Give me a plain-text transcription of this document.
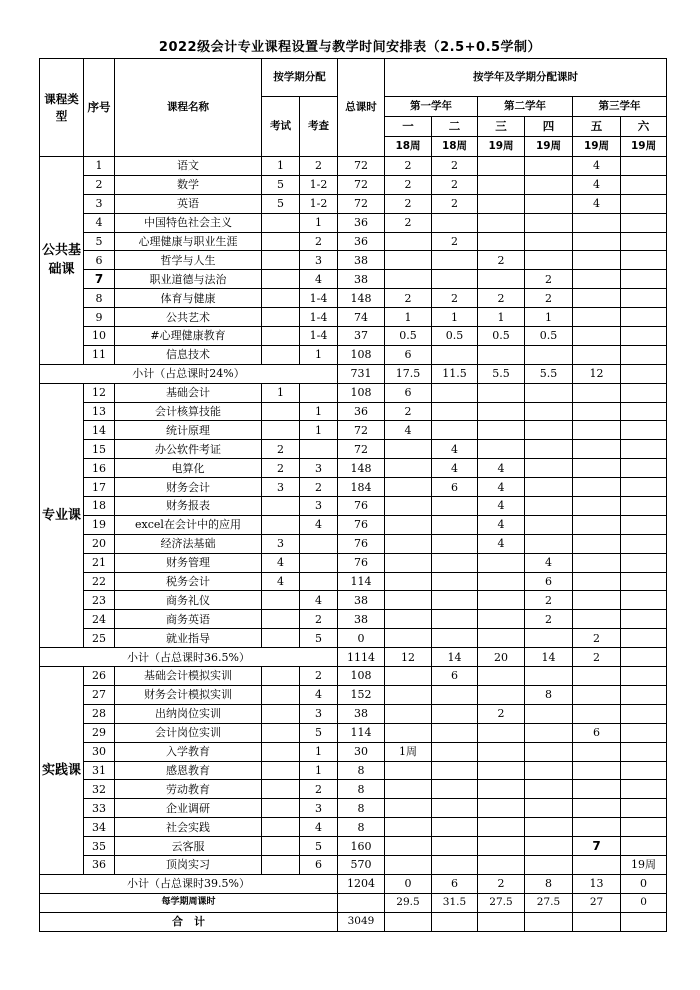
2022级会计专业课程设置与教学时间安排表（2.5+0.5学制）
课程类型	序号	课程名称	按学期分配		总课时	按学年及学期分配课时					
			考试	考查		第一学年		第二学年		第三学年	
						一	二	三	四	五	六
						18周	18周	19周	19周	19周	19周
公共基础课	1	语文	1	2	72	2	2			4	
	2	数学	5	1-2	72	2	2			4	
	3	英语	5	1-2	72	2	2			4	
	4	中国特色社会主义		1	36	2					
	5	心理健康与职业生涯		2	36		2				
	6	哲学与人生		3	38			2			
	7	职业道德与法治		4	38				2		
	8	体育与健康		1-4	148	2	2	2	2		
	9	公共艺术		1-4	74	1	1	1	1		
	10	#心理健康教育		1-4	37	0.5	0.5	0.5	0.5		
	11	信息技术		1	108	6					
小计（占总课时24%）					731	17.5	11.5	5.5	5.5	12	
专业课	12	基础会计	1		108	6					
	13	会计核算技能		1	36	2					
	14	统计原理		1	72	4					
	15	办公软件考证	2		72		4				
	16	电算化	2	3	148		4	4			
	17	财务会计	3	2	184		6	4			
	18	财务报表		3	76			4			
	19	excel在会计中的应用		4	76			4			
	20	经济法基础	3		76			4			
	21	财务管理	4		76				4		
	22	税务会计	4		114				6		
	23	商务礼仪		4	38				2		
	24	商务英语		2	38				2		
	25	就业指导		5	0					2	
小计（占总课时36.5%）					1114	12	14	20	14	2	
实践课	26	基础会计模拟实训		2	108		6				
	27	财务会计模拟实训		4	152				8		
	28	出纳岗位实训		3	38			2			
	29	会计岗位实训		5	114					6	
	30	入学教育		1	30	1周					
	31	感恩教育		1	8						
	32	劳动教育		2	8						
	33	企业调研		3	8						
	34	社会实践		4	8						
	35	云客服		5	160					7	
	36	顶岗实习		6	570						19周
小计（占总课时39.5%）					1204	0	6	2	8	13	0
每学期周课时						29.5	31.5	27.5	27.5	27	0
合　计					3049						
